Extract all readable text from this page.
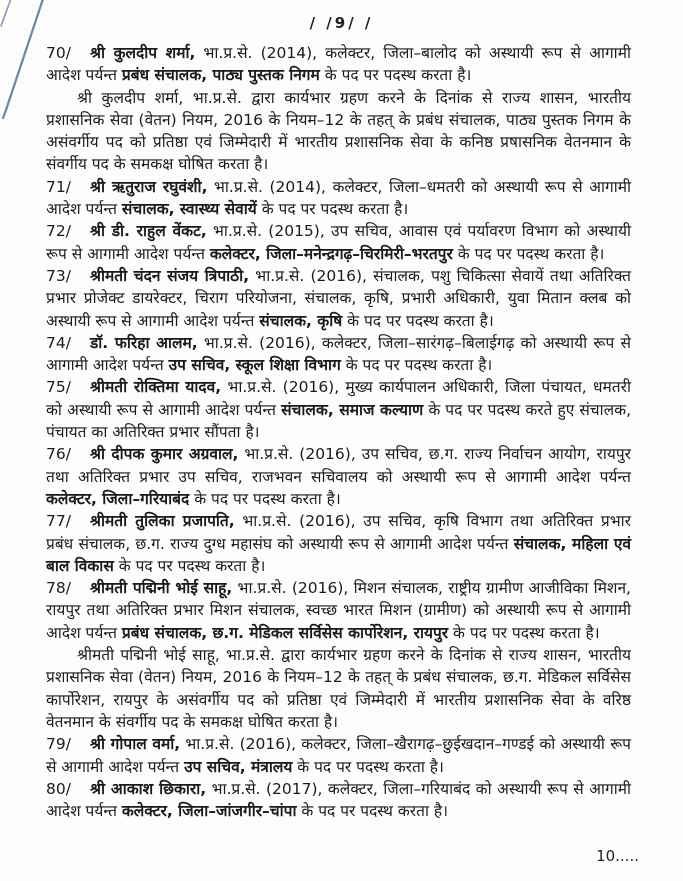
/ /9/ /

70/ श्री कुलदीप शर्मा, भा.प्र.से. (2014), कलेक्टर, जिला–बालोद को अस्थायी रूप से आगामी आदेश पर्यन्त प्रबंध संचालक, पाठ्य पुस्तक निगम के पद पर पदस्थ करता है।

श्री कुलदीप शर्मा, भा.प्र.से. द्वारा कार्यभार ग्रहण करने के दिनांक से राज्य शासन, भारतीय प्रशासनिक सेवा (वेतन) नियम, 2016 के नियम–12 के तहत् के प्रबंध संचालक, पाठ्य पुस्तक निगम के असंवर्गीय पद को प्रतिष्ठा एवं जिम्मेदारी में भारतीय प्रशासनिक सेवा के कनिष्ठ प्रषासनिक वेतनमान के संवर्गीय पद के समकक्ष घोषित करता है।

71/ श्री ऋतुराज रघुवंशी, भा.प्र.से. (2014), कलेक्टर, जिला–धमतरी को अस्थायी रूप से आगामी आदेश पर्यन्त संचालक, स्वास्थ्य सेवायें के पद पर पदस्थ करता है।

72/ श्री डी. राहुल वेंकट, भा.प्र.से. (2015), उप सचिव, आवास एवं पर्यावरण विभाग को अस्थायी रूप से आगामी आदेश पर्यन्त कलेक्टर, जिला–मनेन्द्रगढ़–चिरमिरी–भरतपुर के पद पर पदस्थ करता है।

73/ श्रीमती चंदन संजय त्रिपाठी, भा.प्र.से. (2016), संचालक, पशु चिकित्सा सेवायें तथा अतिरिक्त प्रभार प्रोजेक्ट डायरेक्टर, चिराग परियोजना, संचालक, कृषि, प्रभारी अधिकारी, युवा मितान क्लब को अस्थायी रूप से आगामी आदेश पर्यन्त संचालक, कृषि के पद पर पदस्थ करता है।

74/ डॉ. फरिहा आलम, भा.प्र.से. (2016), कलेक्टर, जिला–सारंगढ़–बिलाईगढ़ को अस्थायी रूप से आगामी आदेश पर्यन्त उप सचिव, स्कूल शिक्षा विभाग के पद पर पदस्थ करता है।

75/ श्रीमती रोक्तिमा यादव, भा.प्र.से. (2016), मुख्य कार्यपालन अधिकारी, जिला पंचायत, धमतरी को अस्थायी रूप से आगामी आदेश पर्यन्त संचालक, समाज कल्याण के पद पर पदस्थ करते हुए संचालक, पंचायत का अतिरिक्त प्रभार सौंपता है।

76/ श्री दीपक कुमार अग्रवाल, भा.प्र.से. (2016), उप सचिव, छ.ग. राज्य निर्वाचन आयोग, रायपुर तथा अतिरिक्त प्रभार उप सचिव, राजभवन सचिवालय को अस्थायी रूप से आगामी आदेश पर्यन्त कलेक्टर, जिला–गरियाबंद के पद पर पदस्थ करता है।

77/ श्रीमती तुलिका प्रजापति, भा.प्र.से. (2016), उप सचिव, कृषि विभाग तथा अतिरिक्त प्रभार प्रबंध संचालक, छ.ग. राज्य दुग्ध महासंघ को अस्थायी रूप से आगामी आदेश पर्यन्त संचालक, महिला एवं बाल विकास के पद पर पदस्थ करता है।

78/ श्रीमती पद्मिनी भोई साहू, भा.प्र.से. (2016), मिशन संचालक, राष्ट्रीय ग्रामीण आजीविका मिशन, रायपुर तथा अतिरिक्त प्रभार मिशन संचालक, स्वच्छ भारत मिशन (ग्रामीण) को अस्थायी रूप से आगामी आदेश पर्यन्त प्रबंध संचालक, छ.ग. मेडिकल सर्विसेस कार्पोरेशन, रायपुर के पद पर पदस्थ करता है।

श्रीमती पद्मिनी भोई साहू, भा.प्र.से. द्वारा कार्यभार ग्रहण करने के दिनांक से राज्य शासन, भारतीय प्रशासनिक सेवा (वेतन) नियम, 2016 के नियम–12 के तहत् के प्रबंध संचालक, छ.ग. मेडिकल सर्विसेस कार्पोरेशन, रायपुर के असंवर्गीय पद को प्रतिष्ठा एवं जिम्मेदारी में भारतीय प्रशासनिक सेवा के वरिष्ठ वेतनमान के संवर्गीय पद के समकक्ष घोषित करता है।

79/ श्री गोपाल वर्मा, भा.प्र.से. (2016), कलेक्टर, जिला–खैरागढ़–छुईखदान–गण्डई को अस्थायी रूप से आगामी आदेश पर्यन्त उप सचिव, मंत्रालय के पद पर पदस्थ करता है।

80/ श्री आकाश छिकारा, भा.प्र.से. (2017), कलेक्टर, जिला–गरियाबंद को अस्थायी रूप से आगामी आदेश पर्यन्त कलेक्टर, जिला–जांजगीर–चांपा के पद पर पदस्थ करता है।

10.....
